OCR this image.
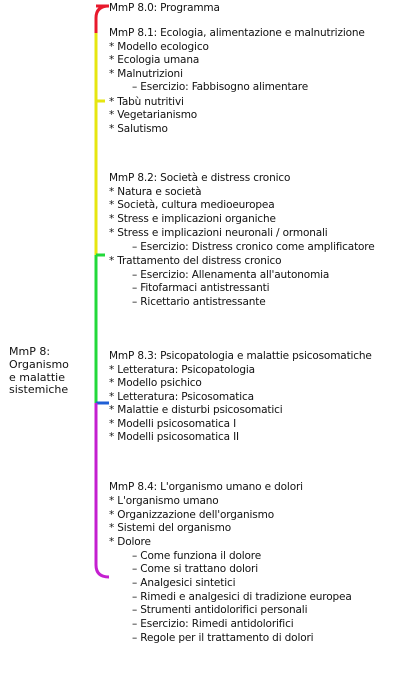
MmP 8:
Organismo
e malattie
sistemiche
MmP 8.0: Programma
MmP 8.1: Ecologia, alimentazione e malnutrizione
* Modello ecologico
* Ecologia umana
* Malnutrizioni
– Esercizio: Fabbisogno alimentare
* Tabù nutritivi
* Vegetarianismo
* Salutismo
MmP 8.2: Società e distress cronico
* Natura e società
* Società, cultura medioeuropea
* Stress e implicazioni organiche
* Stress e implicazioni neuronali / ormonali
– Esercizio: Distress cronico come amplificatore
* Trattamento del distress cronico
– Esercizio: Allenamenta all'autonomia
– Fitofarmaci antistressanti
– Ricettario antistressante
MmP 8.3: Psicopatologia e malattie psicosomatiche
* Letteratura: Psicopatologia
* Modello psichico
* Letteratura: Psicosomatica
* Malattie e disturbi psicosomatici
* Modelli psicosomatica I
* Modelli psicosomatica II
MmP 8.4: L'organismo umano e dolori
* L'organismo umano
* Organizzazione dell'organismo
* Sistemi del organismo
* Dolore
– Come funziona il dolore
– Come si trattano dolori
– Analgesici sintetici
– Rimedi e analgesici di tradizione europea
– Strumenti antidolorifici personali
– Esercizio: Rimedi antidolorifici
– Regole per il trattamento di dolori
